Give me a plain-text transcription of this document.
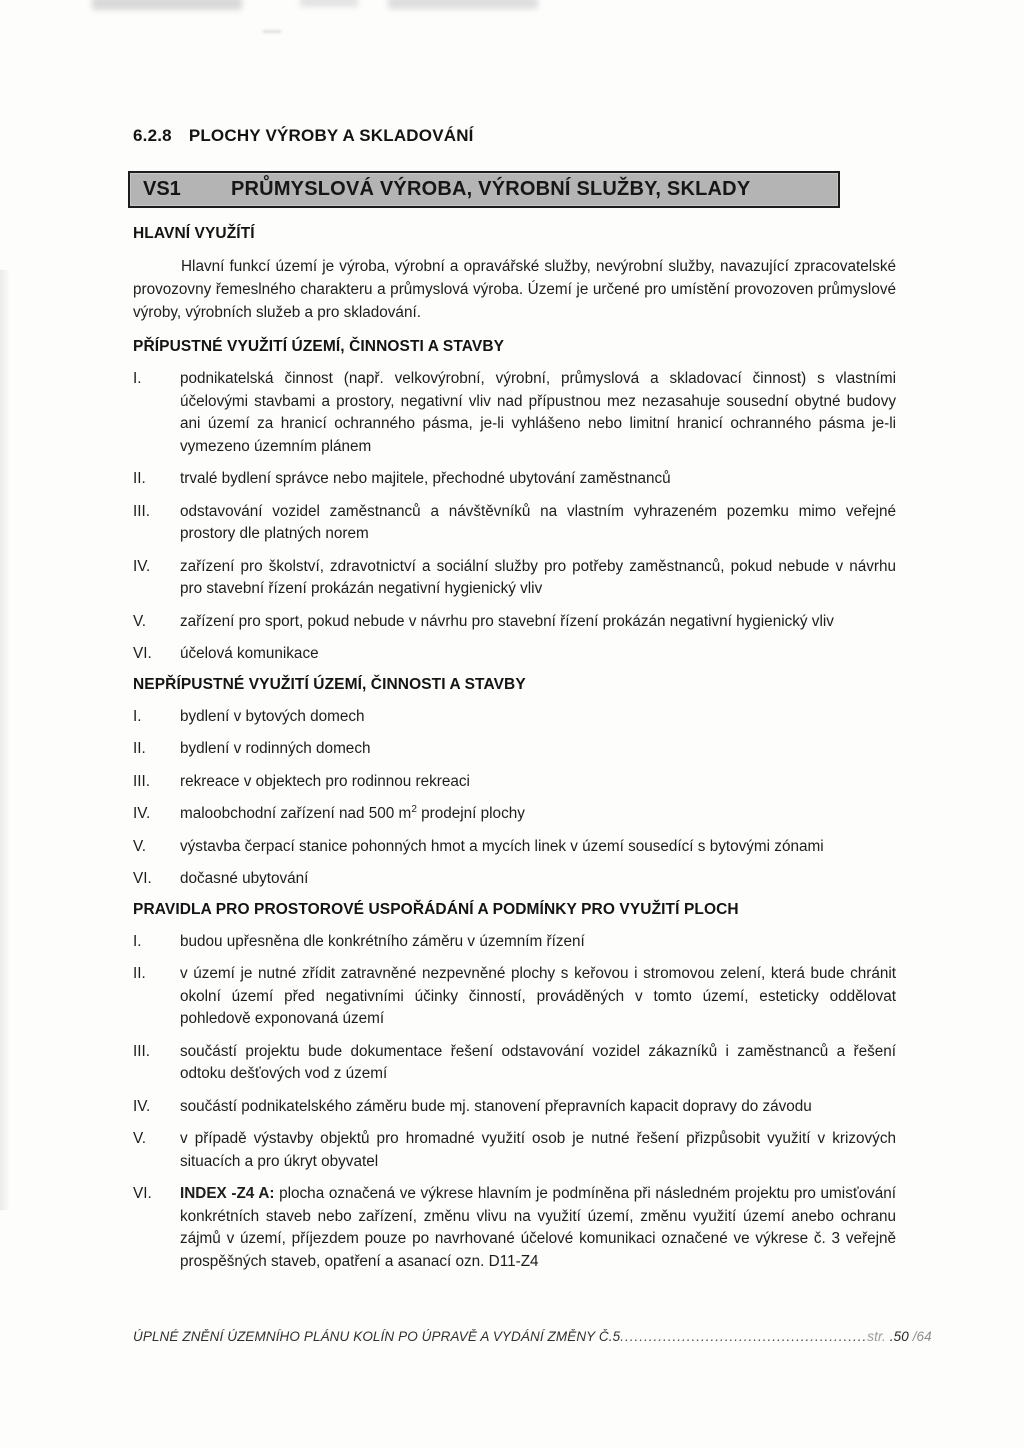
6.2.8 PLOCHY VÝROBY A SKLADOVÁNÍ
VS1	PRŮMYSLOVÁ VÝROBA, VÝROBNÍ SLUŽBY, SKLADY
HLAVNÍ VYUŽÍTÍ

Hlavní funkcí území je výroba, výrobní a opravářské služby, nevýrobní služby, navazující zpracovatelské provozovny řemeslného charakteru a průmyslová výroba. Území je určené pro umístění provozoven průmyslové výroby, výrobních služeb a pro skladování.

PŘÍPUSTNÉ VYUŽITÍ ÚZEMÍ, ČINNOSTI A STAVBY
I.	podnikatelská činnost (např. velkovýrobní, výrobní, průmyslová a skladovací činnost) s vlastními účelovými stavbami a prostory, negativní vliv nad přípustnou mez nezasahuje sousední obytné budovy ani území za hranicí ochranného pásma, je-li vyhlášeno nebo limitní hranicí ochranného pásma je-li vymezeno územním plánem
II.	trvalé bydlení správce nebo majitele, přechodné ubytování zaměstnanců
III.	odstavování vozidel zaměstnanců a návštěvníků na vlastním vyhrazeném pozemku mimo veřejné prostory dle platných norem
IV.	zařízení pro školství, zdravotnictví a sociální služby pro potřeby zaměstnanců, pokud nebude v návrhu pro stavební řízení prokázán negativní hygienický vliv
V.	zařízení pro sport, pokud nebude v návrhu pro stavební řízení prokázán negativní hygienický vliv
VI.	účelová komunikace
NEPŘÍPUSTNÉ VYUŽITÍ ÚZEMÍ, ČINNOSTI A STAVBY
I.	bydlení v bytových domech
II.	bydlení v rodinných domech
III.	rekreace v objektech pro rodinnou rekreaci
IV.	maloobchodní zařízení nad 500 $m^2$ prodejní plochy
V.	výstavba čerpací stanice pohonných hmot a mycích linek v území sousedící s bytovými zónami
VI.	dočasné ubytování
PRAVIDLA PRO PROSTOROVÉ USPOŘÁDÁNÍ A PODMÍNKY PRO VYUŽITÍ PLOCH
I.	budou upřesněna dle konkrétního záměru v územním řízení
II.	v území je nutné zřídit zatravněné nezpevněné plochy s keřovou i stromovou zelení, která bude chránit okolní území před negativními účinky činností, prováděných v tomto území, esteticky oddělovat pohledově exponovaná území
III.	součástí projektu bude dokumentace řešení odstavování vozidel zákazníků i zaměstnanců a řešení odtoku dešťových vod z území
IV.	součástí podnikatelského záměru bude mj. stanovení přepravních kapacit dopravy do závodu
V.	v případě výstavby objektů pro hromadné využití osob je nutné řešení přizpůsobit využití v krizových situacích a pro úkryt obyvatel
VI.	INDEX -Z4 A: plocha označená ve výkrese hlavním je podmíněna při následném projektu pro umisťování konkrétních staveb nebo zařízení, změnu vlivu na využití území, změnu využití území anebo ochranu zájmů v území, příjezdem pouze po navrhované účelové komunikaci označené ve výkrese č. 3 veřejně prospěšných staveb, opatření a asanací ozn. D11-Z4
ÚPLNÉ ZNĚNÍ ÚZEMNÍHO PLÁNU KOLÍN PO ÚPRAVĚ A VYDÁNÍ ZMĚNY Č.5....................................................str. .50 /64
